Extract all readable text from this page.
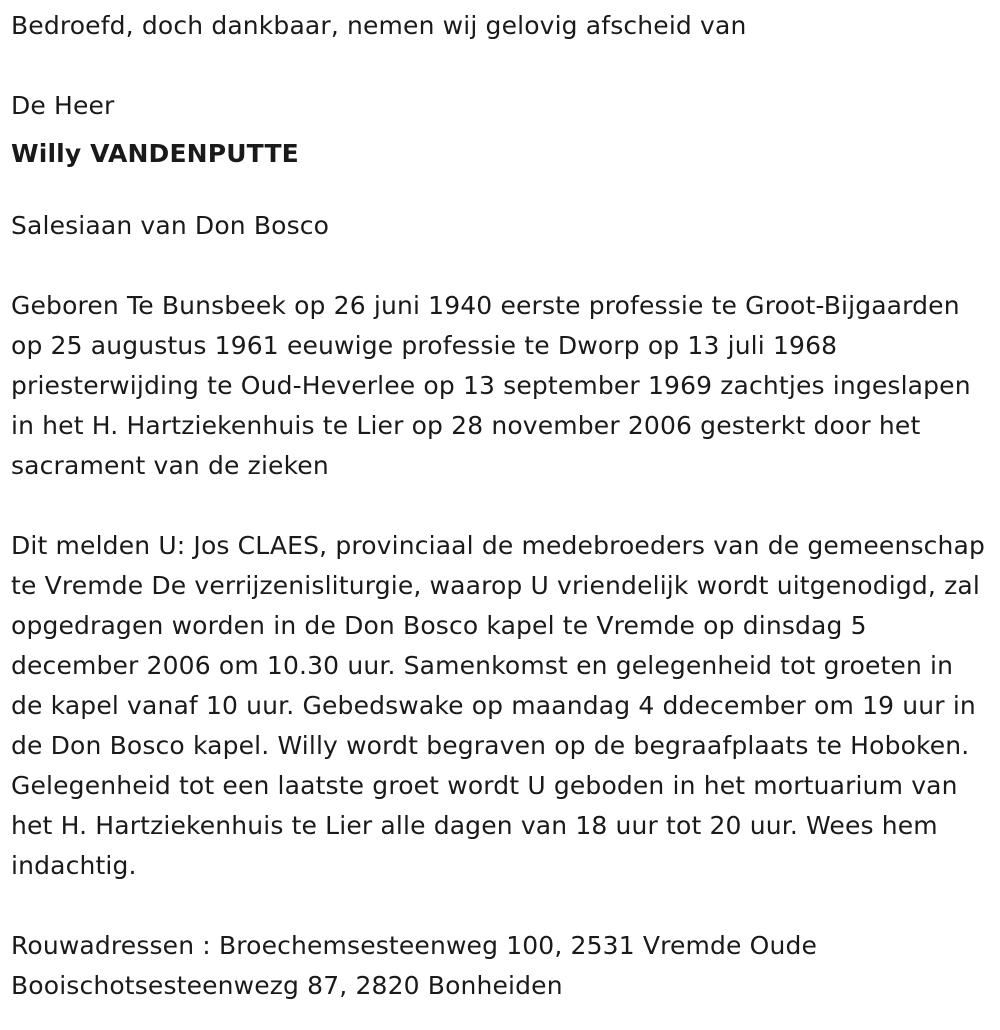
Bedroefd, doch dankbaar, nemen wij gelovig afscheid van

De Heer

Willy VANDENPUTTE

Salesiaan van Don Bosco

Geboren Te Bunsbeek op 26 juni 1940 eerste professie te Groot-Bijgaarden op 25 augustus 1961 eeuwige professie te Dworp op 13 juli 1968 priesterwijding te Oud-Heverlee op 13 september 1969 zachtjes ingeslapen in het H. Hartziekenhuis te Lier op 28 november 2006 gesterkt door het sacrament van de zieken

Dit melden U: Jos CLAES, provinciaal de medebroeders van de gemeenschap te Vremde De verrijzenisliturgie, waarop U vriendelijk wordt uitgenodigd, zal opgedragen worden in de Don Bosco kapel te Vremde op dinsdag 5 december 2006 om 10.30 uur. Samenkomst en gelegenheid tot groeten in de kapel vanaf 10 uur. Gebedswake op maandag 4 ddecember om 19 uur in de Don Bosco kapel. Willy wordt begraven op de begraafplaats te Hoboken. Gelegenheid tot een laatste groet wordt U geboden in het mortuarium van het H. Hartziekenhuis te Lier alle dagen van 18 uur tot 20 uur. Wees hem indachtig.

Rouwadressen : Broechemsesteenweg 100, 2531 Vremde Oude Booischotsesteenwezg 87, 2820 Bonheiden
